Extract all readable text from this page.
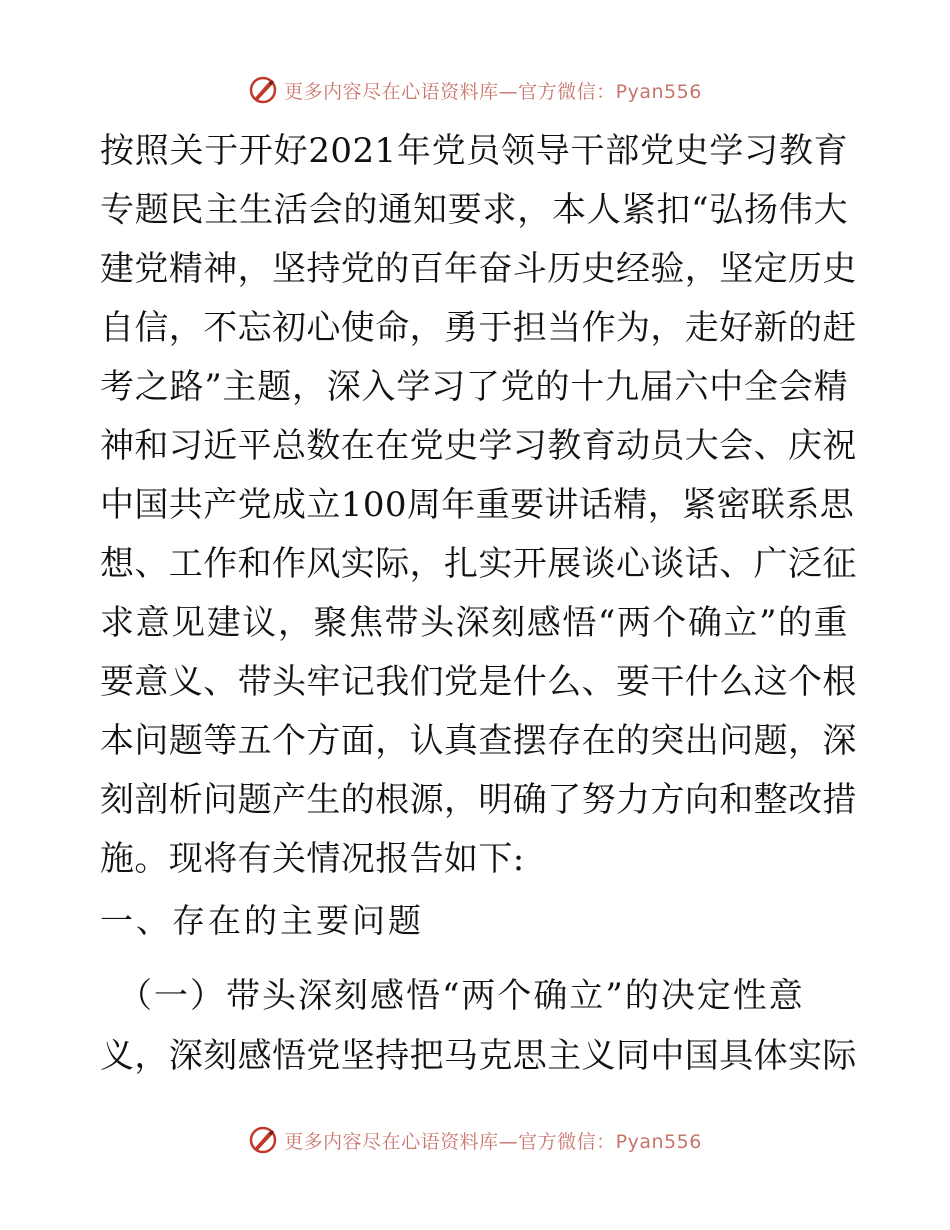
更多内容尽在心语资料库—官方微信：Pyan556
按照关于开好2021年党员领导干部党史学习教育
专题民主生活会的通知要求，本人紧扣“弘扬伟大
建党精神，坚持党的百年奋斗历史经验，坚定历史
自信，不忘初心使命，勇于担当作为，走好新的赶
考之路”主题，深入学习了党的十九届六中全会精
神和习近平总数在在党史学习教育动员大会、庆祝
中国共产党成立100周年重要讲话精，紧密联系思
想、工作和作风实际，扎实开展谈心谈话、广泛征
求意见建议，聚焦带头深刻感悟“两个确立”的重
要意义、带头牢记我们党是什么、要干什么这个根
本问题等五个方面，认真查摆存在的突出问题，深
刻剖析问题产生的根源，明确了努力方向和整改措
施。现将有关情况报告如下:
一、存在的主要问题
（一）带头深刻感悟“两个确立”的决定性意
义，深刻感悟党坚持把马克思主义同中国具体实际
更多内容尽在心语资料库—官方微信：Pyan556
